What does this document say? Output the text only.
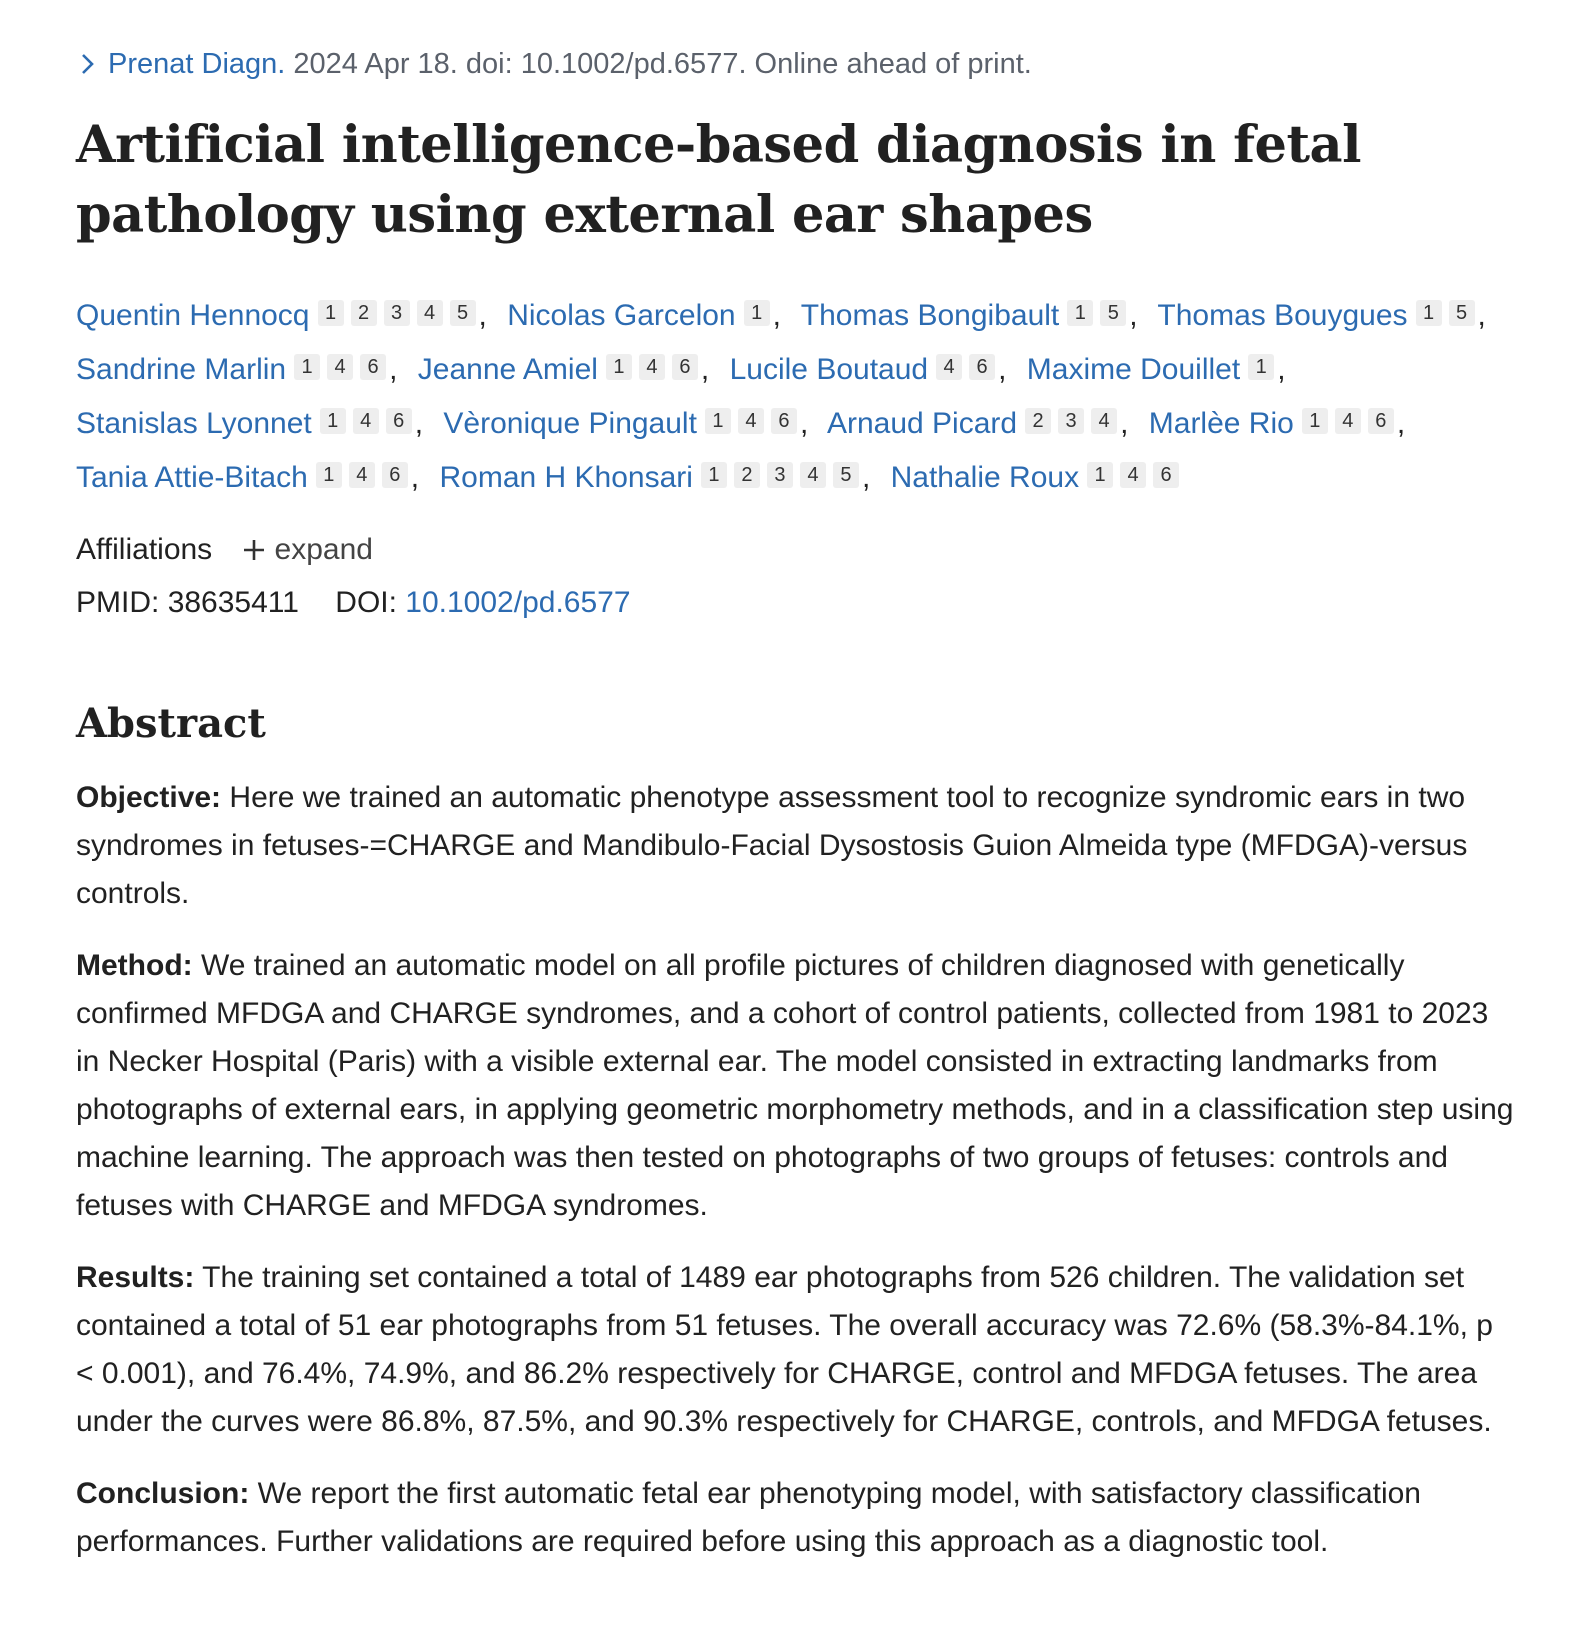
Prenat Diagn. 2024 Apr 18. doi: 10.1002/pd.6577. Online ahead of print.
Artificial intelligence-based diagnosis in fetal pathology using external ear shapes
Quentin Hennocq 1 2 3 4 5 , Nicolas Garcelon 1 , Thomas Bongibault 1 5 , Thomas Bouygues 1 5 , Sandrine Marlin 1 4 6 , Jeanne Amiel 1 4 6 , Lucile Boutaud 4 6 , Maxime Douillet 1 , Stanislas Lyonnet 1 4 6 , Vèronique Pingault 1 4 6 , Arnaud Picard 2 3 4 , Marlèe Rio 1 4 6 , Tania Attie-Bitach 1 4 6 , Roman H Khonsari 1 2 3 4 5 , Nathalie Roux 1 4 6
Affiliations expand
PMID: 38635411 DOI: 10.1002/pd.6577
Abstract

Objective: Here we trained an automatic phenotype assessment tool to recognize syndromic ears in two syndromes in fetuses-=CHARGE and Mandibulo-Facial Dysostosis Guion Almeida type (MFDGA)-versus controls.

Method: We trained an automatic model on all profile pictures of children diagnosed with genetically confirmed MFDGA and CHARGE syndromes, and a cohort of control patients, collected from 1981 to 2023 in Necker Hospital (Paris) with a visible external ear. The model consisted in extracting landmarks from photographs of external ears, in applying geometric morphometry methods, and in a classification step using machine learning. The approach was then tested on photographs of two groups of fetuses: controls and fetuses with CHARGE and MFDGA syndromes.

Results: The training set contained a total of 1489 ear photographs from 526 children. The validation set contained a total of 51 ear photographs from 51 fetuses. The overall accuracy was 72.6% (58.3%-84.1%, p < 0.001), and 76.4%, 74.9%, and 86.2% respectively for CHARGE, control and MFDGA fetuses. The area under the curves were 86.8%, 87.5%, and 90.3% respectively for CHARGE, controls, and MFDGA fetuses.

Conclusion: We report the first automatic fetal ear phenotyping model, with satisfactory classification performances. Further validations are required before using this approach as a diagnostic tool.
